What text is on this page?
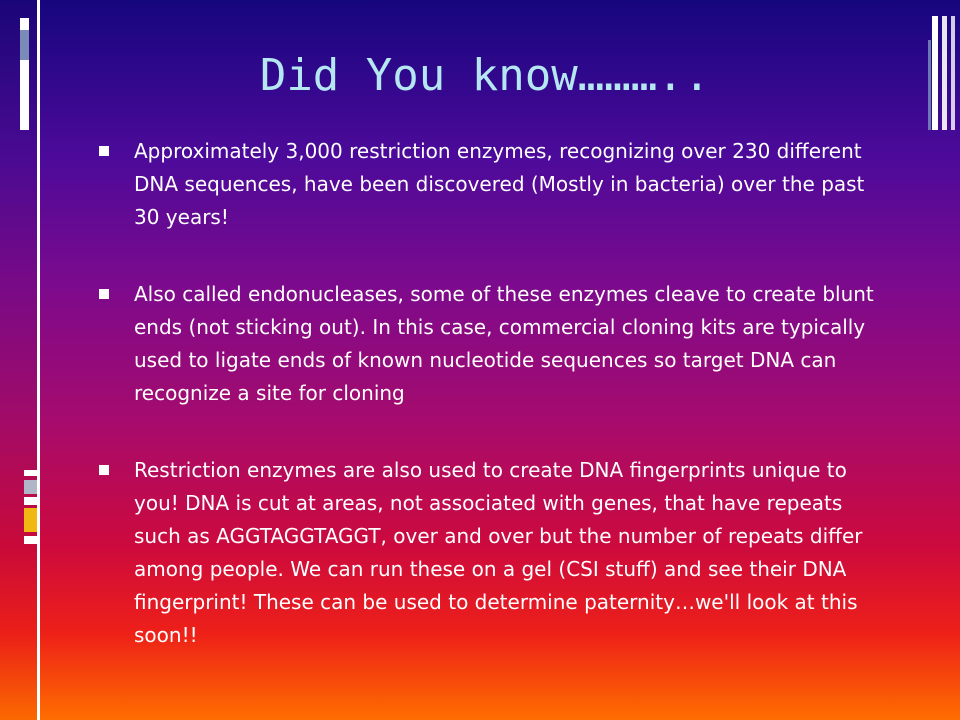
Did You know………..
Approximately 3,000 restriction enzymes, recognizing over 230 different DNA sequences, have been discovered (Mostly in bacteria) over the past 30 years!
Also called endonucleases, some of these enzymes cleave to create blunt ends (not sticking out). In this case, commercial cloning kits are typically used to ligate ends of known nucleotide sequences so target DNA can recognize a site for cloning
Restriction enzymes are also used to create DNA fingerprints unique to you! DNA is cut at areas, not associated with genes, that have repeats such as AGGTAGGTAGGT, over and over but the number of repeats differ among people. We can run these on a gel (CSI stuff) and see their DNA fingerprint! These can be used to determine paternity…we'll look at this soon!!
